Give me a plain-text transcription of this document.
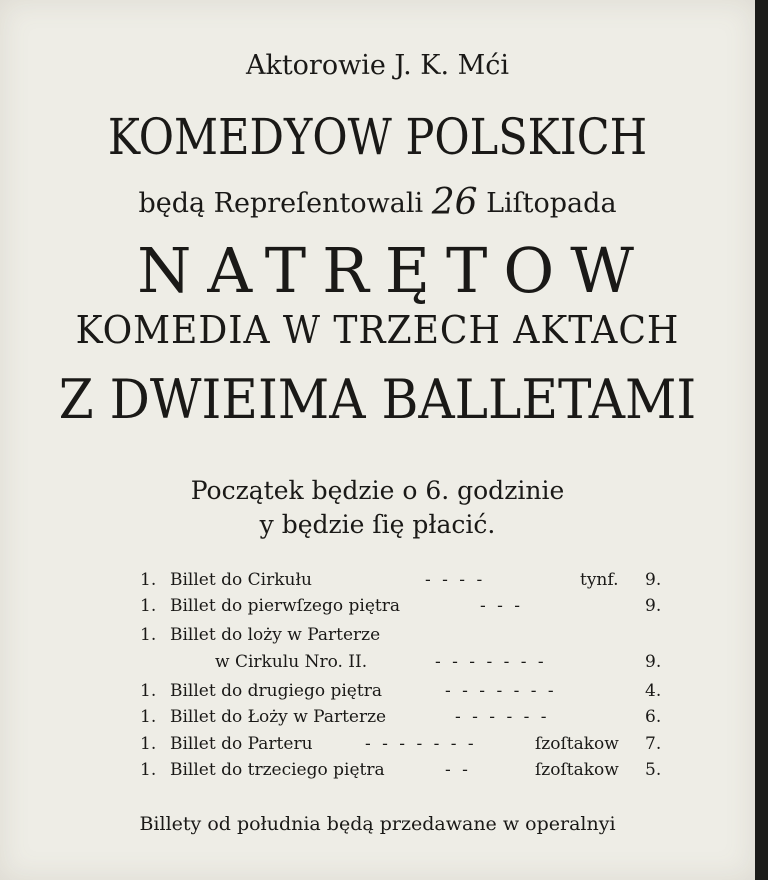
Aktorowie J. K. Mći
KOMEDYOW POLSKICH
będą Repreſentowali 26 Liſtopada
NATRĘTOW
KOMEDIA W TRZECH AKTACH
Z DWIEIMA BALLETAMI
Początek będzie o 6. godzinie
y będzie ſię płacić.
1. Billet do Cirkułu	- - - -	tynf. 9.
1. Billet do pierwſzego piętra	- - -	9.
1. Billet do loży w Parterze
w Cirkulu Nro. II.	- - - - - - -	9.
1. Billet do drugiego piętra	- - - - - - -	4.
1. Billet do Łoży w Parterze	- - - - - -	6.
1. Billet do Parteru	- - - - - - -	ſzoſtakow 7.
1. Billet do trzeciego piętra	- -	ſzoſtakow 5.
Billety od południa będą przedawane w operalnyi
